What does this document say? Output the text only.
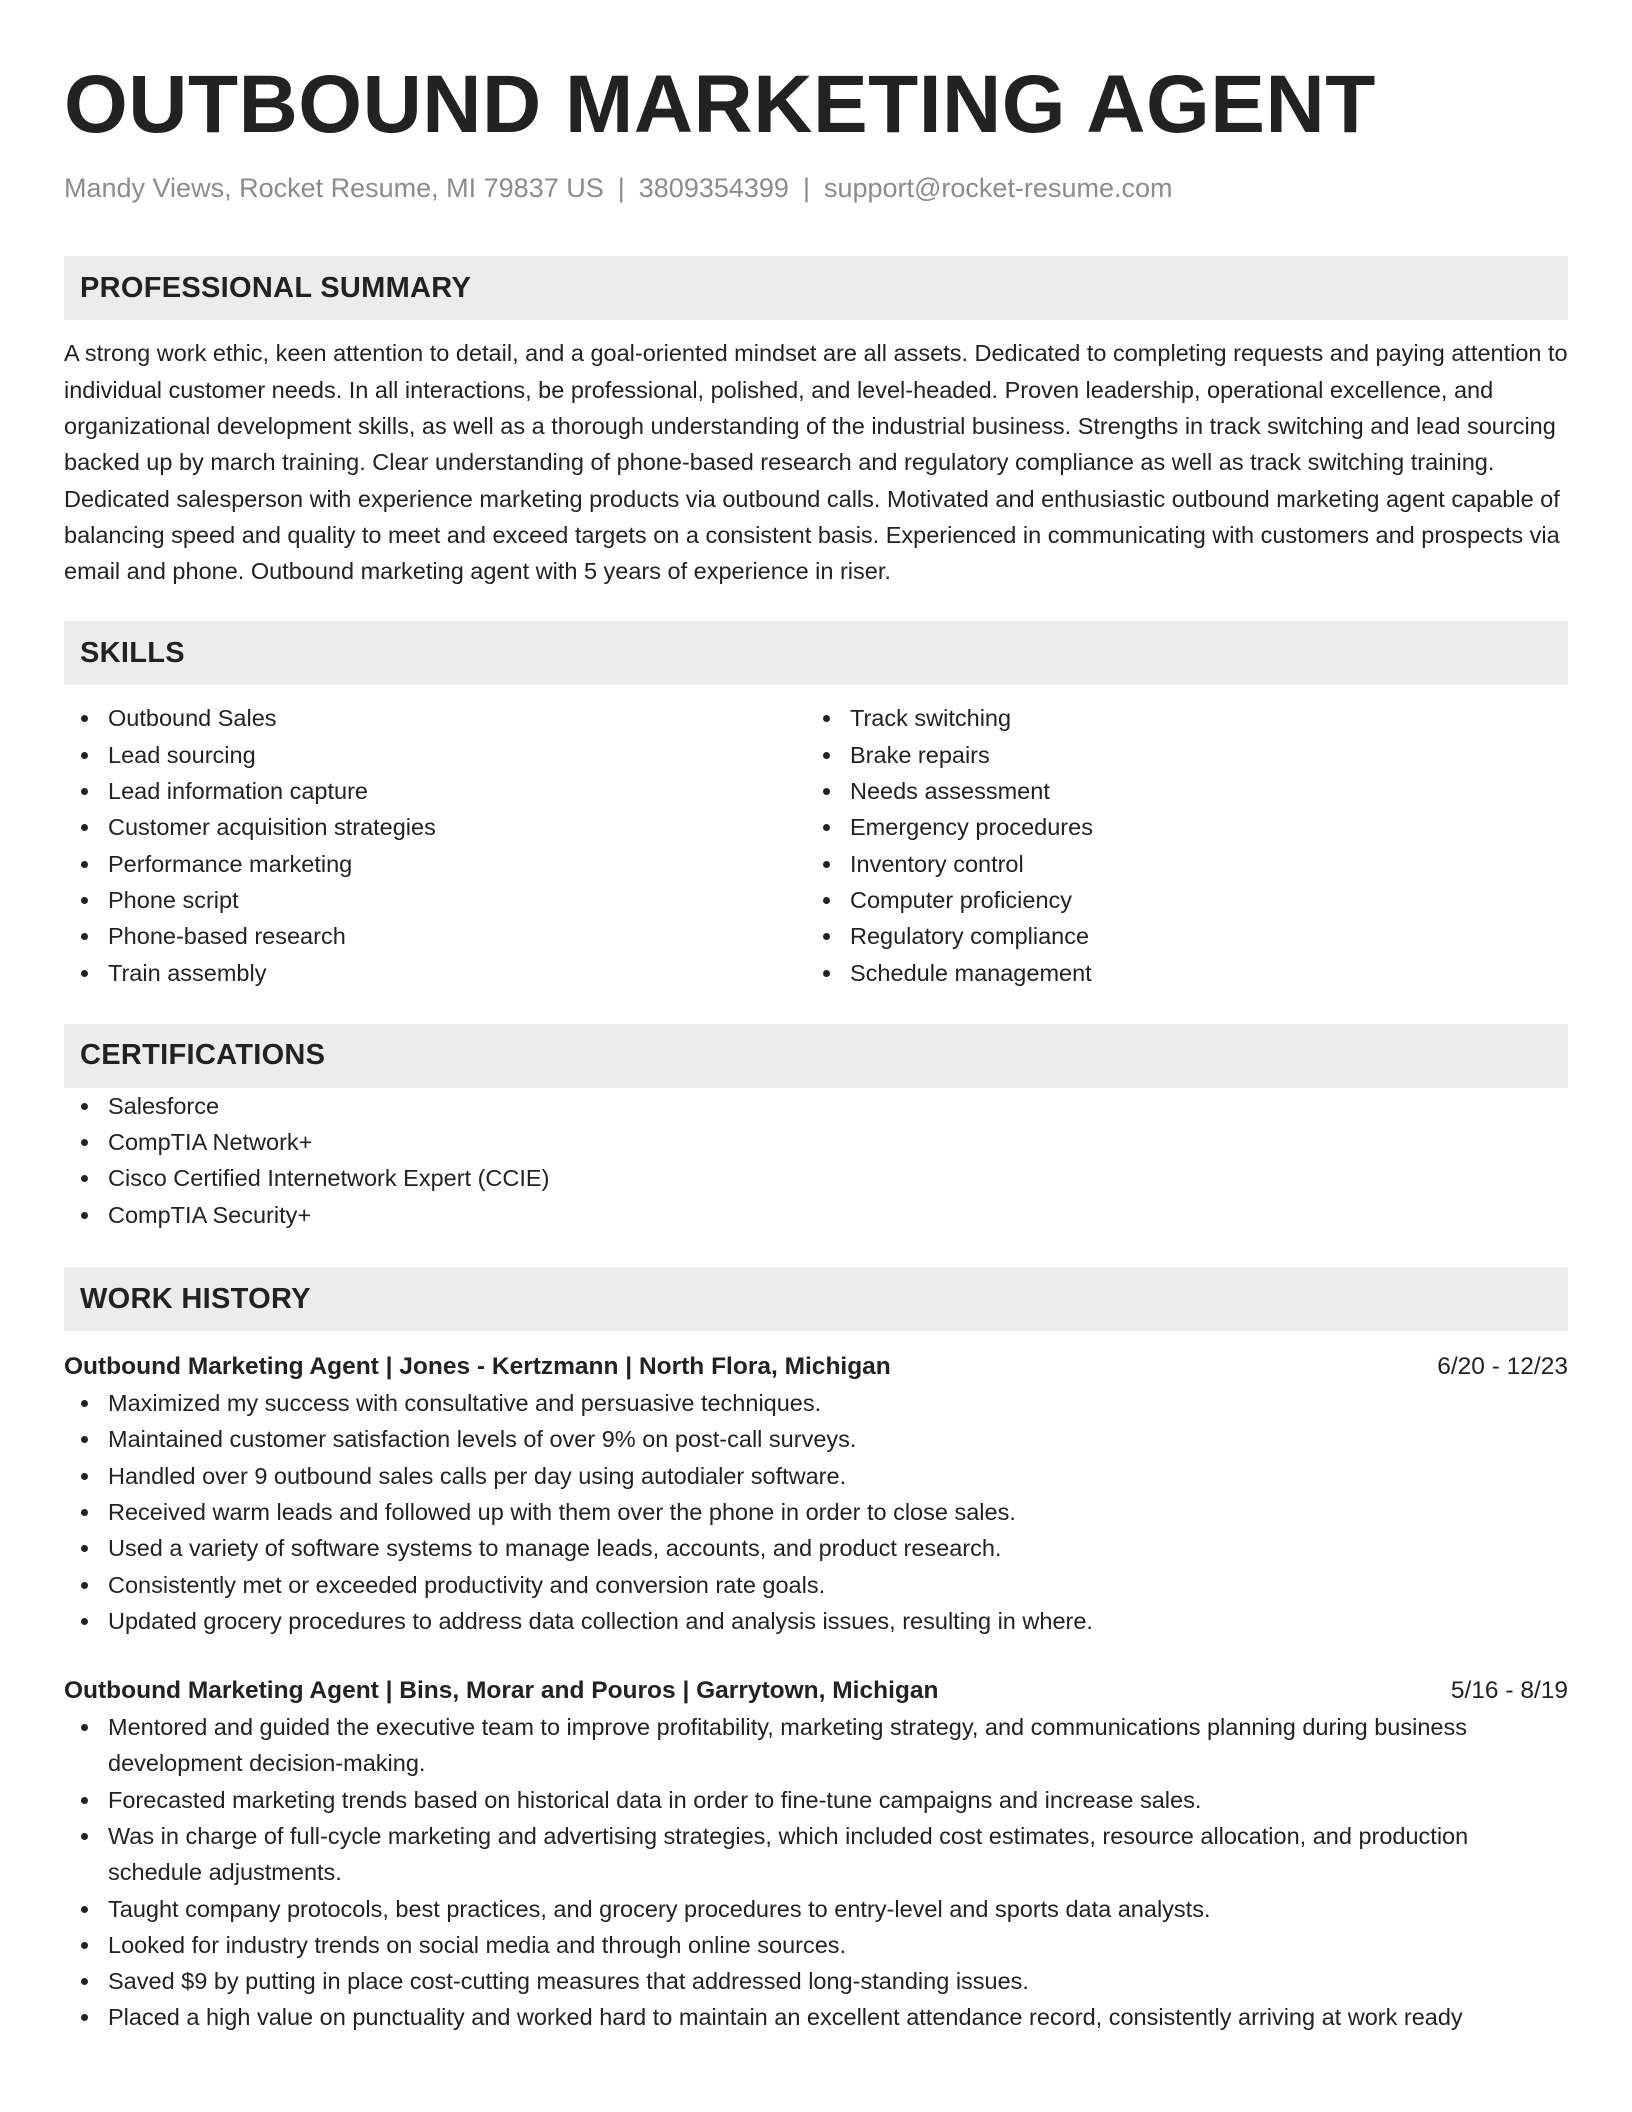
OUTBOUND MARKETING AGENT
Mandy Views, Rocket Resume, MI 79837 US | 3809354399 | support@rocket-resume.com
PROFESSIONAL SUMMARY
A strong work ethic, keen attention to detail, and a goal-oriented mindset are all assets. Dedicated to completing requests and paying attention to individual customer needs. In all interactions, be professional, polished, and level-headed. Proven leadership, operational excellence, and organizational development skills, as well as a thorough understanding of the industrial business. Strengths in track switching and lead sourcing backed up by march training. Clear understanding of phone-based research and regulatory compliance as well as track switching training. Dedicated salesperson with experience marketing products via outbound calls. Motivated and enthusiastic outbound marketing agent capable of balancing speed and quality to meet and exceed targets on a consistent basis. Experienced in communicating with customers and prospects via email and phone. Outbound marketing agent with 5 years of experience in riser.
SKILLS
Outbound Sales
Lead sourcing
Lead information capture
Customer acquisition strategies
Performance marketing
Phone script
Phone-based research
Train assembly
Track switching
Brake repairs
Needs assessment
Emergency procedures
Inventory control
Computer proficiency
Regulatory compliance
Schedule management
CERTIFICATIONS
Salesforce
CompTIA Network+
Cisco Certified Internetwork Expert (CCIE)
CompTIA Security+
WORK HISTORY
Outbound Marketing Agent | Jones - Kertzmann | North Flora, Michigan	6/20 - 12/23
Maximized my success with consultative and persuasive techniques.
Maintained customer satisfaction levels of over 9% on post-call surveys.
Handled over 9 outbound sales calls per day using autodialer software.
Received warm leads and followed up with them over the phone in order to close sales.
Used a variety of software systems to manage leads, accounts, and product research.
Consistently met or exceeded productivity and conversion rate goals.
Updated grocery procedures to address data collection and analysis issues, resulting in where.
Outbound Marketing Agent | Bins, Morar and Pouros | Garrytown, Michigan	5/16 - 8/19
Mentored and guided the executive team to improve profitability, marketing strategy, and communications planning during business development decision-making.
Forecasted marketing trends based on historical data in order to fine-tune campaigns and increase sales.
Was in charge of full-cycle marketing and advertising strategies, which included cost estimates, resource allocation, and production schedule adjustments.
Taught company protocols, best practices, and grocery procedures to entry-level and sports data analysts.
Looked for industry trends on social media and through online sources.
Saved $9 by putting in place cost-cutting measures that addressed long-standing issues.
Placed a high value on punctuality and worked hard to maintain an excellent attendance record, consistently arriving at work ready
